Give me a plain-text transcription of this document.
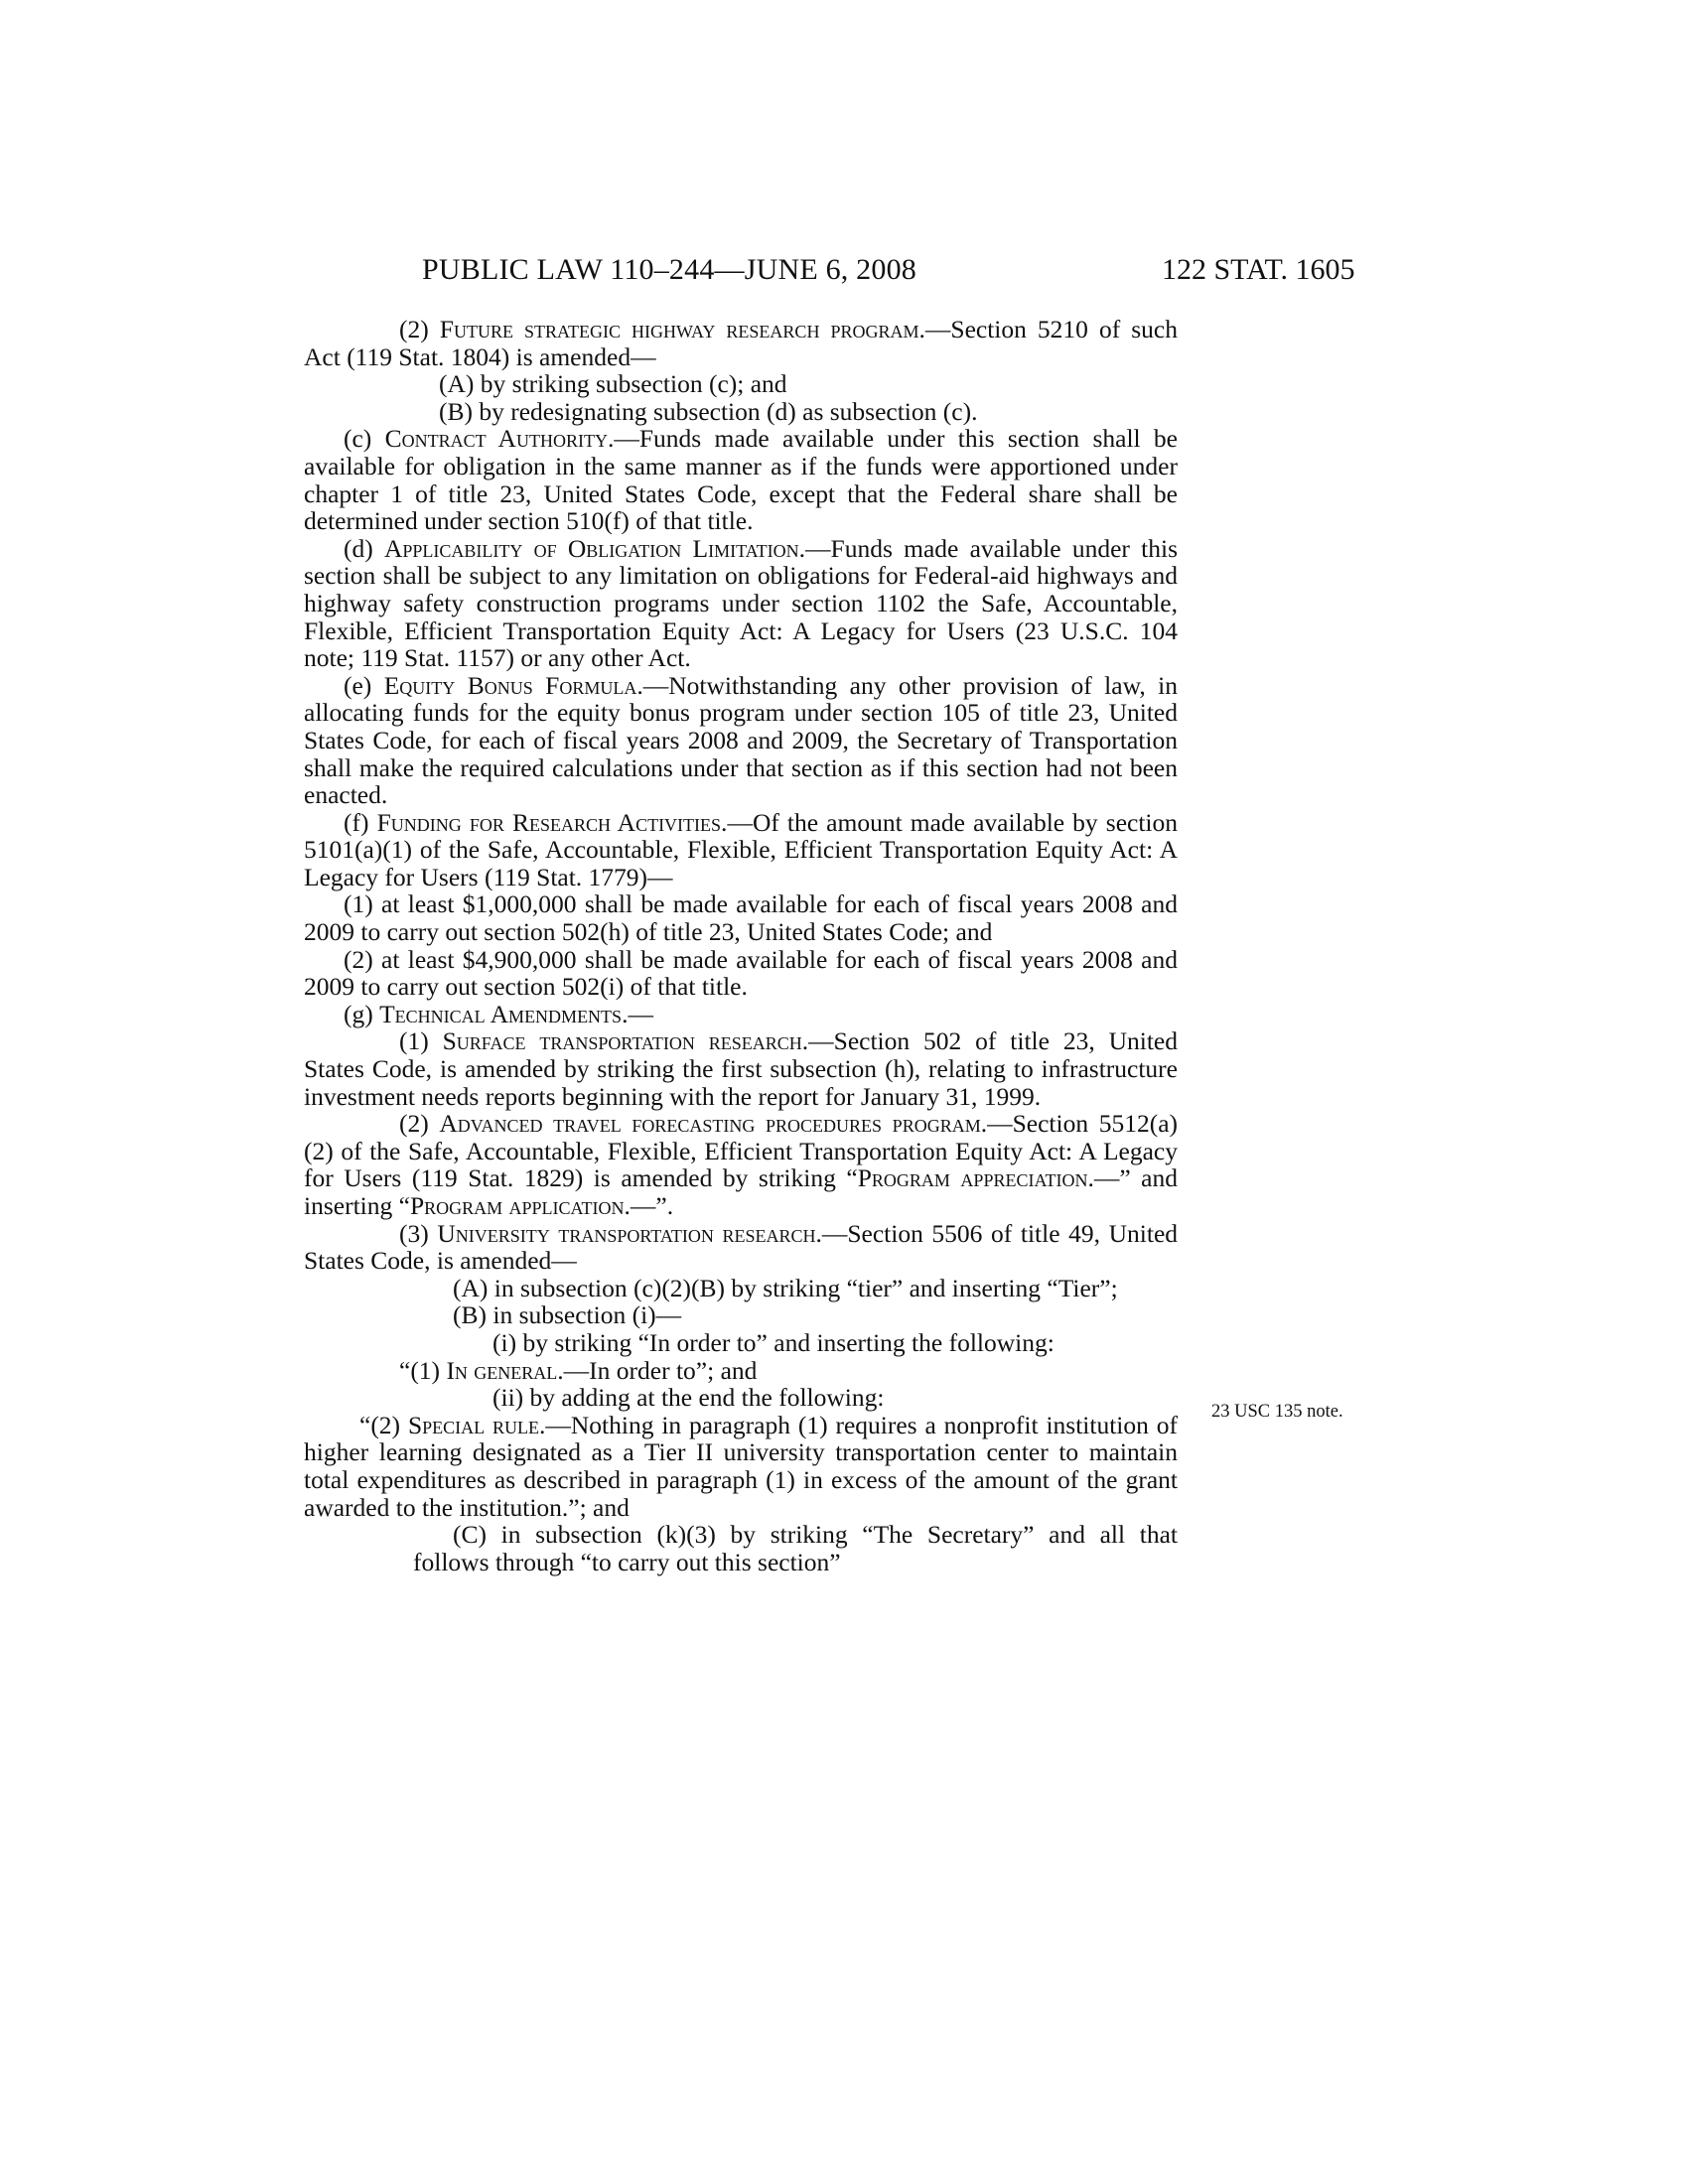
PUBLIC LAW 110–244—JUNE 6, 2008	122 STAT. 1605

(2) Future strategic highway research program.—Section 5210 of such Act (119 Stat. 1804) is amended—

(A) by striking subsection (c); and

(B) by redesignating subsection (d) as subsection (c).

(c) Contract Authority.—Funds made available under this section shall be available for obligation in the same manner as if the funds were apportioned under chapter 1 of title 23, United States Code, except that the Federal share shall be determined under section 510(f) of that title.

(d) Applicability of Obligation Limitation.—Funds made available under this section shall be subject to any limitation on obligations for Federal-aid highways and highway safety construction programs under section 1102 the Safe, Accountable, Flexible, Efficient Transportation Equity Act: A Legacy for Users (23 U.S.C. 104 note; 119 Stat. 1157) or any other Act.

(e) Equity Bonus Formula.—Notwithstanding any other provision of law, in allocating funds for the equity bonus program under section 105 of title 23, United States Code, for each of fiscal years 2008 and 2009, the Secretary of Transportation shall make the required calculations under that section as if this section had not been enacted.

(f) Funding for Research Activities.—Of the amount made available by section 5101(a)(1) of the Safe, Accountable, Flexible, Efficient Transportation Equity Act: A Legacy for Users (119 Stat. 1779)—

(1) at least $1,000,000 shall be made available for each of fiscal years 2008 and 2009 to carry out section 502(h) of title 23, United States Code; and

(2) at least $4,900,000 shall be made available for each of fiscal years 2008 and 2009 to carry out section 502(i) of that title.

(g) Technical Amendments.—

(1) Surface transportation research.—Section 502 of title 23, United States Code, is amended by striking the first subsection (h), relating to infrastructure investment needs reports beginning with the report for January 31, 1999.

(2) Advanced travel forecasting procedures program.—Section 5512(a)(2) of the Safe, Accountable, Flexible, Efficient Transportation Equity Act: A Legacy for Users (119 Stat. 1829) is amended by striking “Program appreciation.—” and inserting “Program application.—”.

(3) University transportation research.—Section 5506 of title 49, United States Code, is amended—

(A) in subsection (c)(2)(B) by striking “tier” and inserting “Tier”;

(B) in subsection (i)—

(i) by striking “In order to” and inserting the following:

“(1) In general.—In order to”; and

(ii) by adding at the end the following:

“(2) Special rule.—Nothing in paragraph (1) requires a nonprofit institution of higher learning designated as a Tier II university transportation center to maintain total expenditures as described in paragraph (1) in excess of the amount of the grant awarded to the institution.”; and

(C) in subsection (k)(3) by striking “The Secretary” and all that follows through “to carry out this section”

23 USC 135 note.
